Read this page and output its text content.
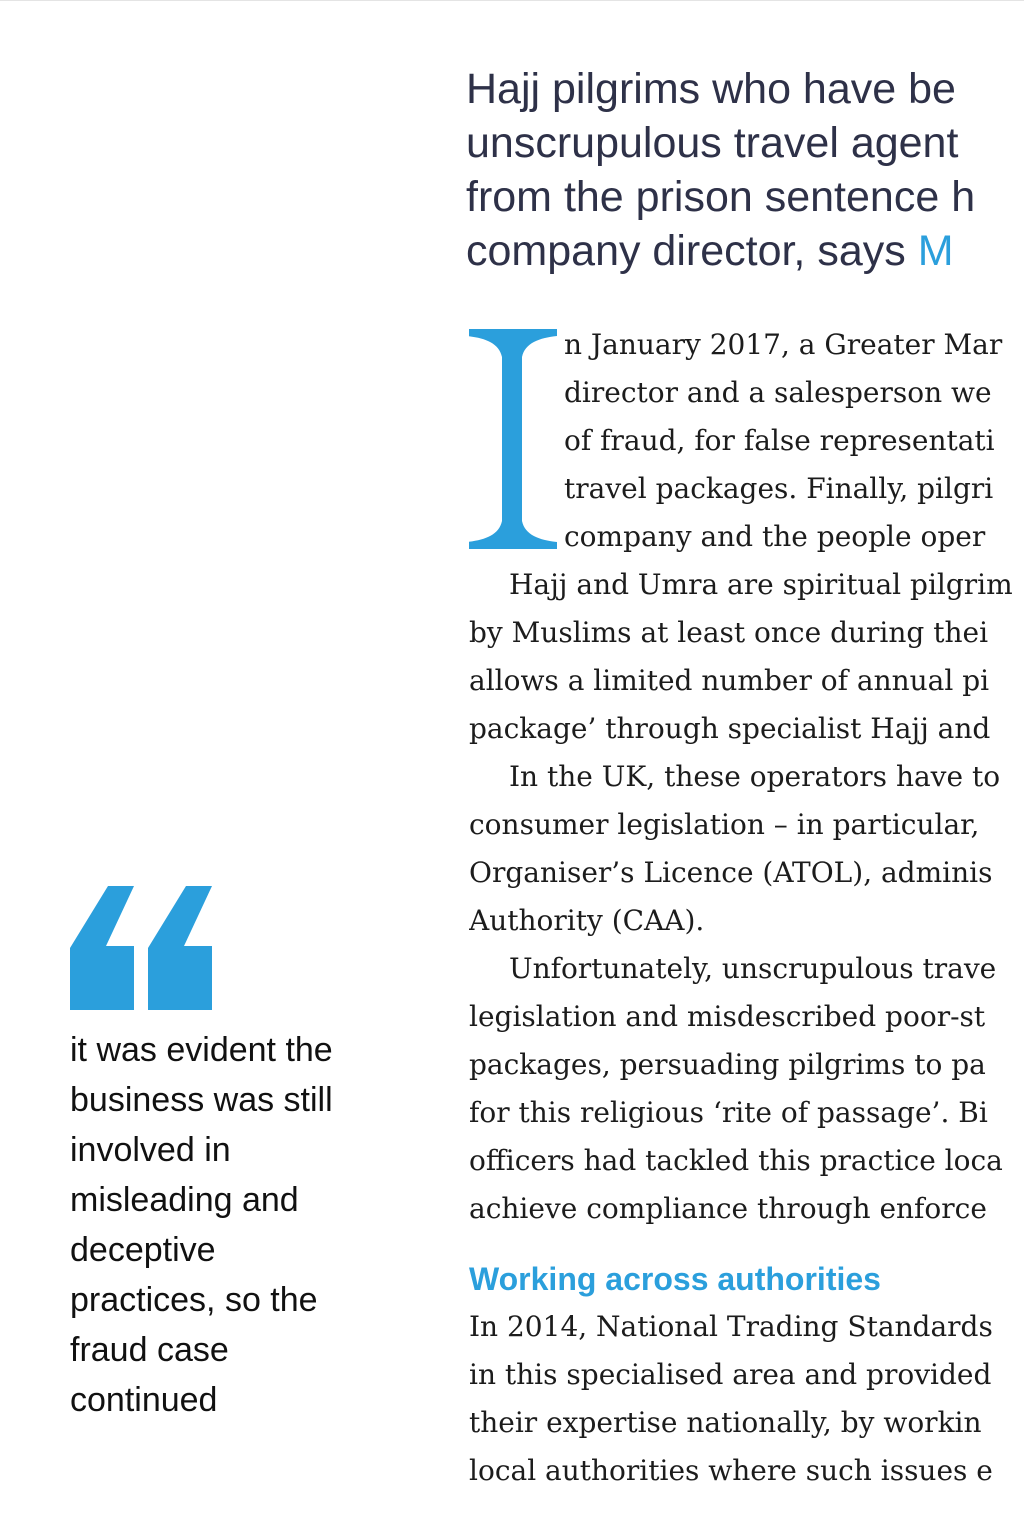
Hajj pilgrims who have be
unscrupulous travel agent
from the prison sentence h
company director, says M
n January 2017, a Greater Mar
director and a salesperson we
of fraud, for false representati
travel packages. Finally, pilgri
company and the people oper
Hajj and Umra are spiritual pilgrim
by Muslims at least once during thei
allows a limited number of annual pi
package’ through specialist Hajj and
In the UK, these operators have to
consumer legislation – in particular,
Organiser’s Licence (ATOL), adminis
Authority (CAA).
Unfortunately, unscrupulous trave
legislation and misdescribed poor-st
packages, persuading pilgrims to pa
for this religious ‘rite of passage’. Bi
officers had tackled this practice loca
achieve compliance through enforce
Working across authorities
In 2014, National Trading Standards
in this specialised area and provided
their expertise nationally, by workin
local authorities where such issues e
it was evident the
business was still
involved in
misleading and
deceptive
practices, so the
fraud case
continued
